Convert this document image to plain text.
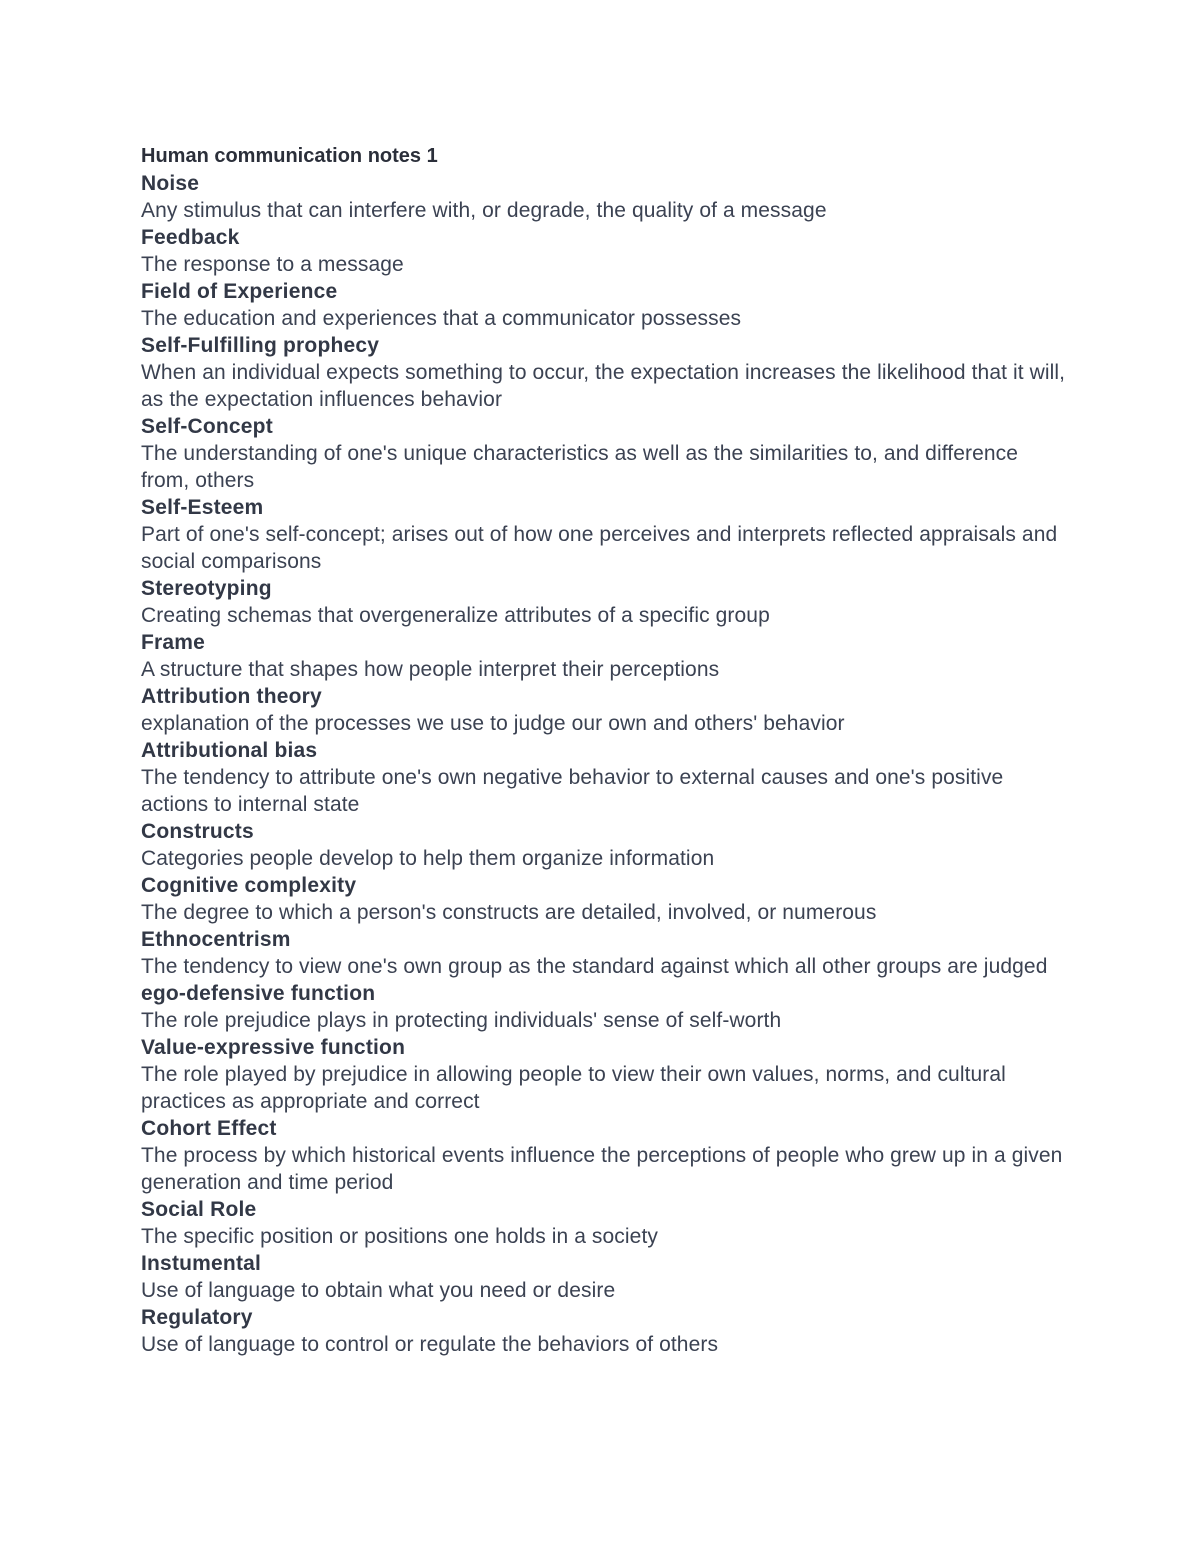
Human communication notes 1

Noise

Any stimulus that can interfere with, or degrade, the quality of a message

Feedback

The response to a message

Field of Experience

The education and experiences that a communicator possesses

Self-Fulfilling prophecy

When an individual expects something to occur, the expectation increases the likelihood that it will, as the expectation influences behavior

Self-Concept

The understanding of one's unique characteristics as well as the similarities to, and difference from, others

Self-Esteem

Part of one's self-concept; arises out of how one perceives and interprets reflected appraisals and social comparisons

Stereotyping

Creating schemas that overgeneralize attributes of a specific group

Frame

A structure that shapes how people interpret their perceptions

Attribution theory

explanation of the processes we use to judge our own and others' behavior

Attributional bias

The tendency to attribute one's own negative behavior to external causes and one's positive actions to internal state

Constructs

Categories people develop to help them organize information

Cognitive complexity

The degree to which a person's constructs are detailed, involved, or numerous

Ethnocentrism

The tendency to view one's own group as the standard against which all other groups are judged

ego-defensive function

The role prejudice plays in protecting individuals' sense of self-worth

Value-expressive function

The role played by prejudice in allowing people to view their own values, norms, and cultural practices as appropriate and correct

Cohort Effect

The process by which historical events influence the perceptions of people who grew up in a given generation and time period

Social Role

The specific position or positions one holds in a society

Instumental

Use of language to obtain what you need or desire

Regulatory

Use of language to control or regulate the behaviors of others
